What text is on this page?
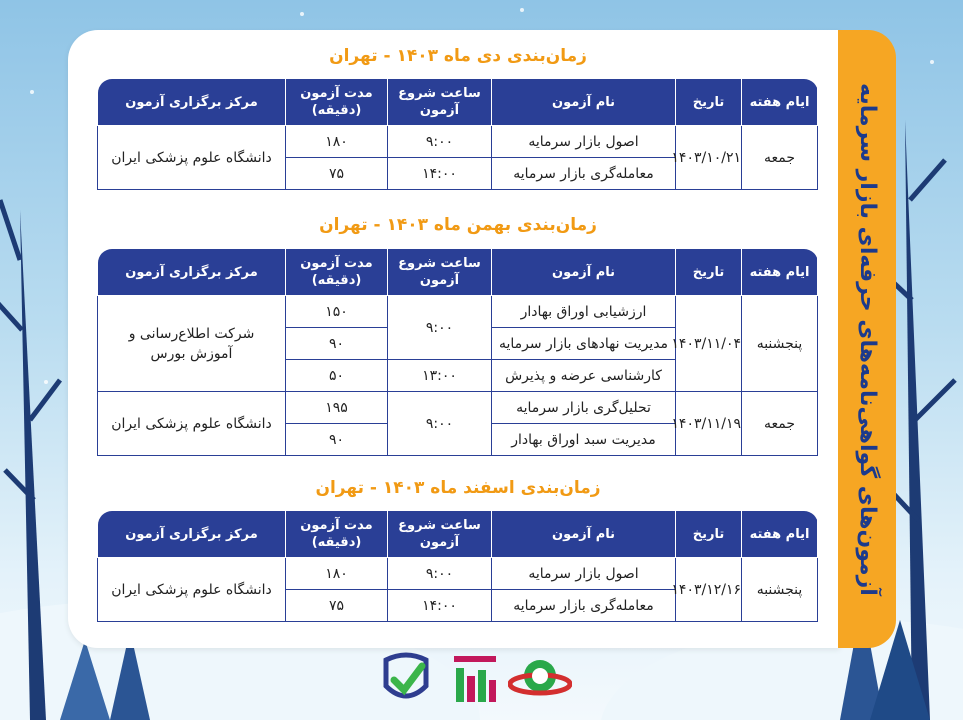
آزمون‌های گواهی‌نامه‌های حرفه‌ای بازار سرمایه
زمان‌بندی دی ماه ۱۴۰۳ - تهران
ایام هفته	تاریخ	نام آزمون	ساعت شروع آزمون	مدت آزمون (دقیقه)	مرکز برگزاری آزمون
جمعه	۱۴۰۳/۱۰/۲۱	اصول بازار سرمایه	۹:۰۰	۱۸۰	دانشگاه علوم پزشکی ایران
		معامله‌گری بازار سرمایه	۱۴:۰۰	۷۵	
زمان‌بندی بهمن ماه ۱۴۰۳ - تهران
ایام هفته	تاریخ	نام آزمون	ساعت شروع آزمون	مدت آزمون (دقیقه)	مرکز برگزاری آزمون
پنجشنبه	۱۴۰۳/۱۱/۰۴	ارزشیابی اوراق بهادار	۹:۰۰	۱۵۰	شرکت اطلاع‌رسانی و آموزش بورس
		مدیریت نهادهای بازار سرمایه		۹۰	
		کارشناسی عرضه و پذیرش	۱۳:۰۰	۵۰	
جمعه	۱۴۰۳/۱۱/۱۹	تحلیل‌گری بازار سرمایه	۹:۰۰	۱۹۵	دانشگاه علوم پزشکی ایران
		مدیریت سبد اوراق بهادار		۹۰	
زمان‌بندی اسفند ماه ۱۴۰۳ - تهران
ایام هفته	تاریخ	نام آزمون	ساعت شروع آزمون	مدت آزمون (دقیقه)	مرکز برگزاری آزمون
پنجشنبه	۱۴۰۳/۱۲/۱۶	اصول بازار سرمایه	۹:۰۰	۱۸۰	دانشگاه علوم پزشکی ایران
		معامله‌گری بازار سرمایه	۱۴:۰۰	۷۵	
